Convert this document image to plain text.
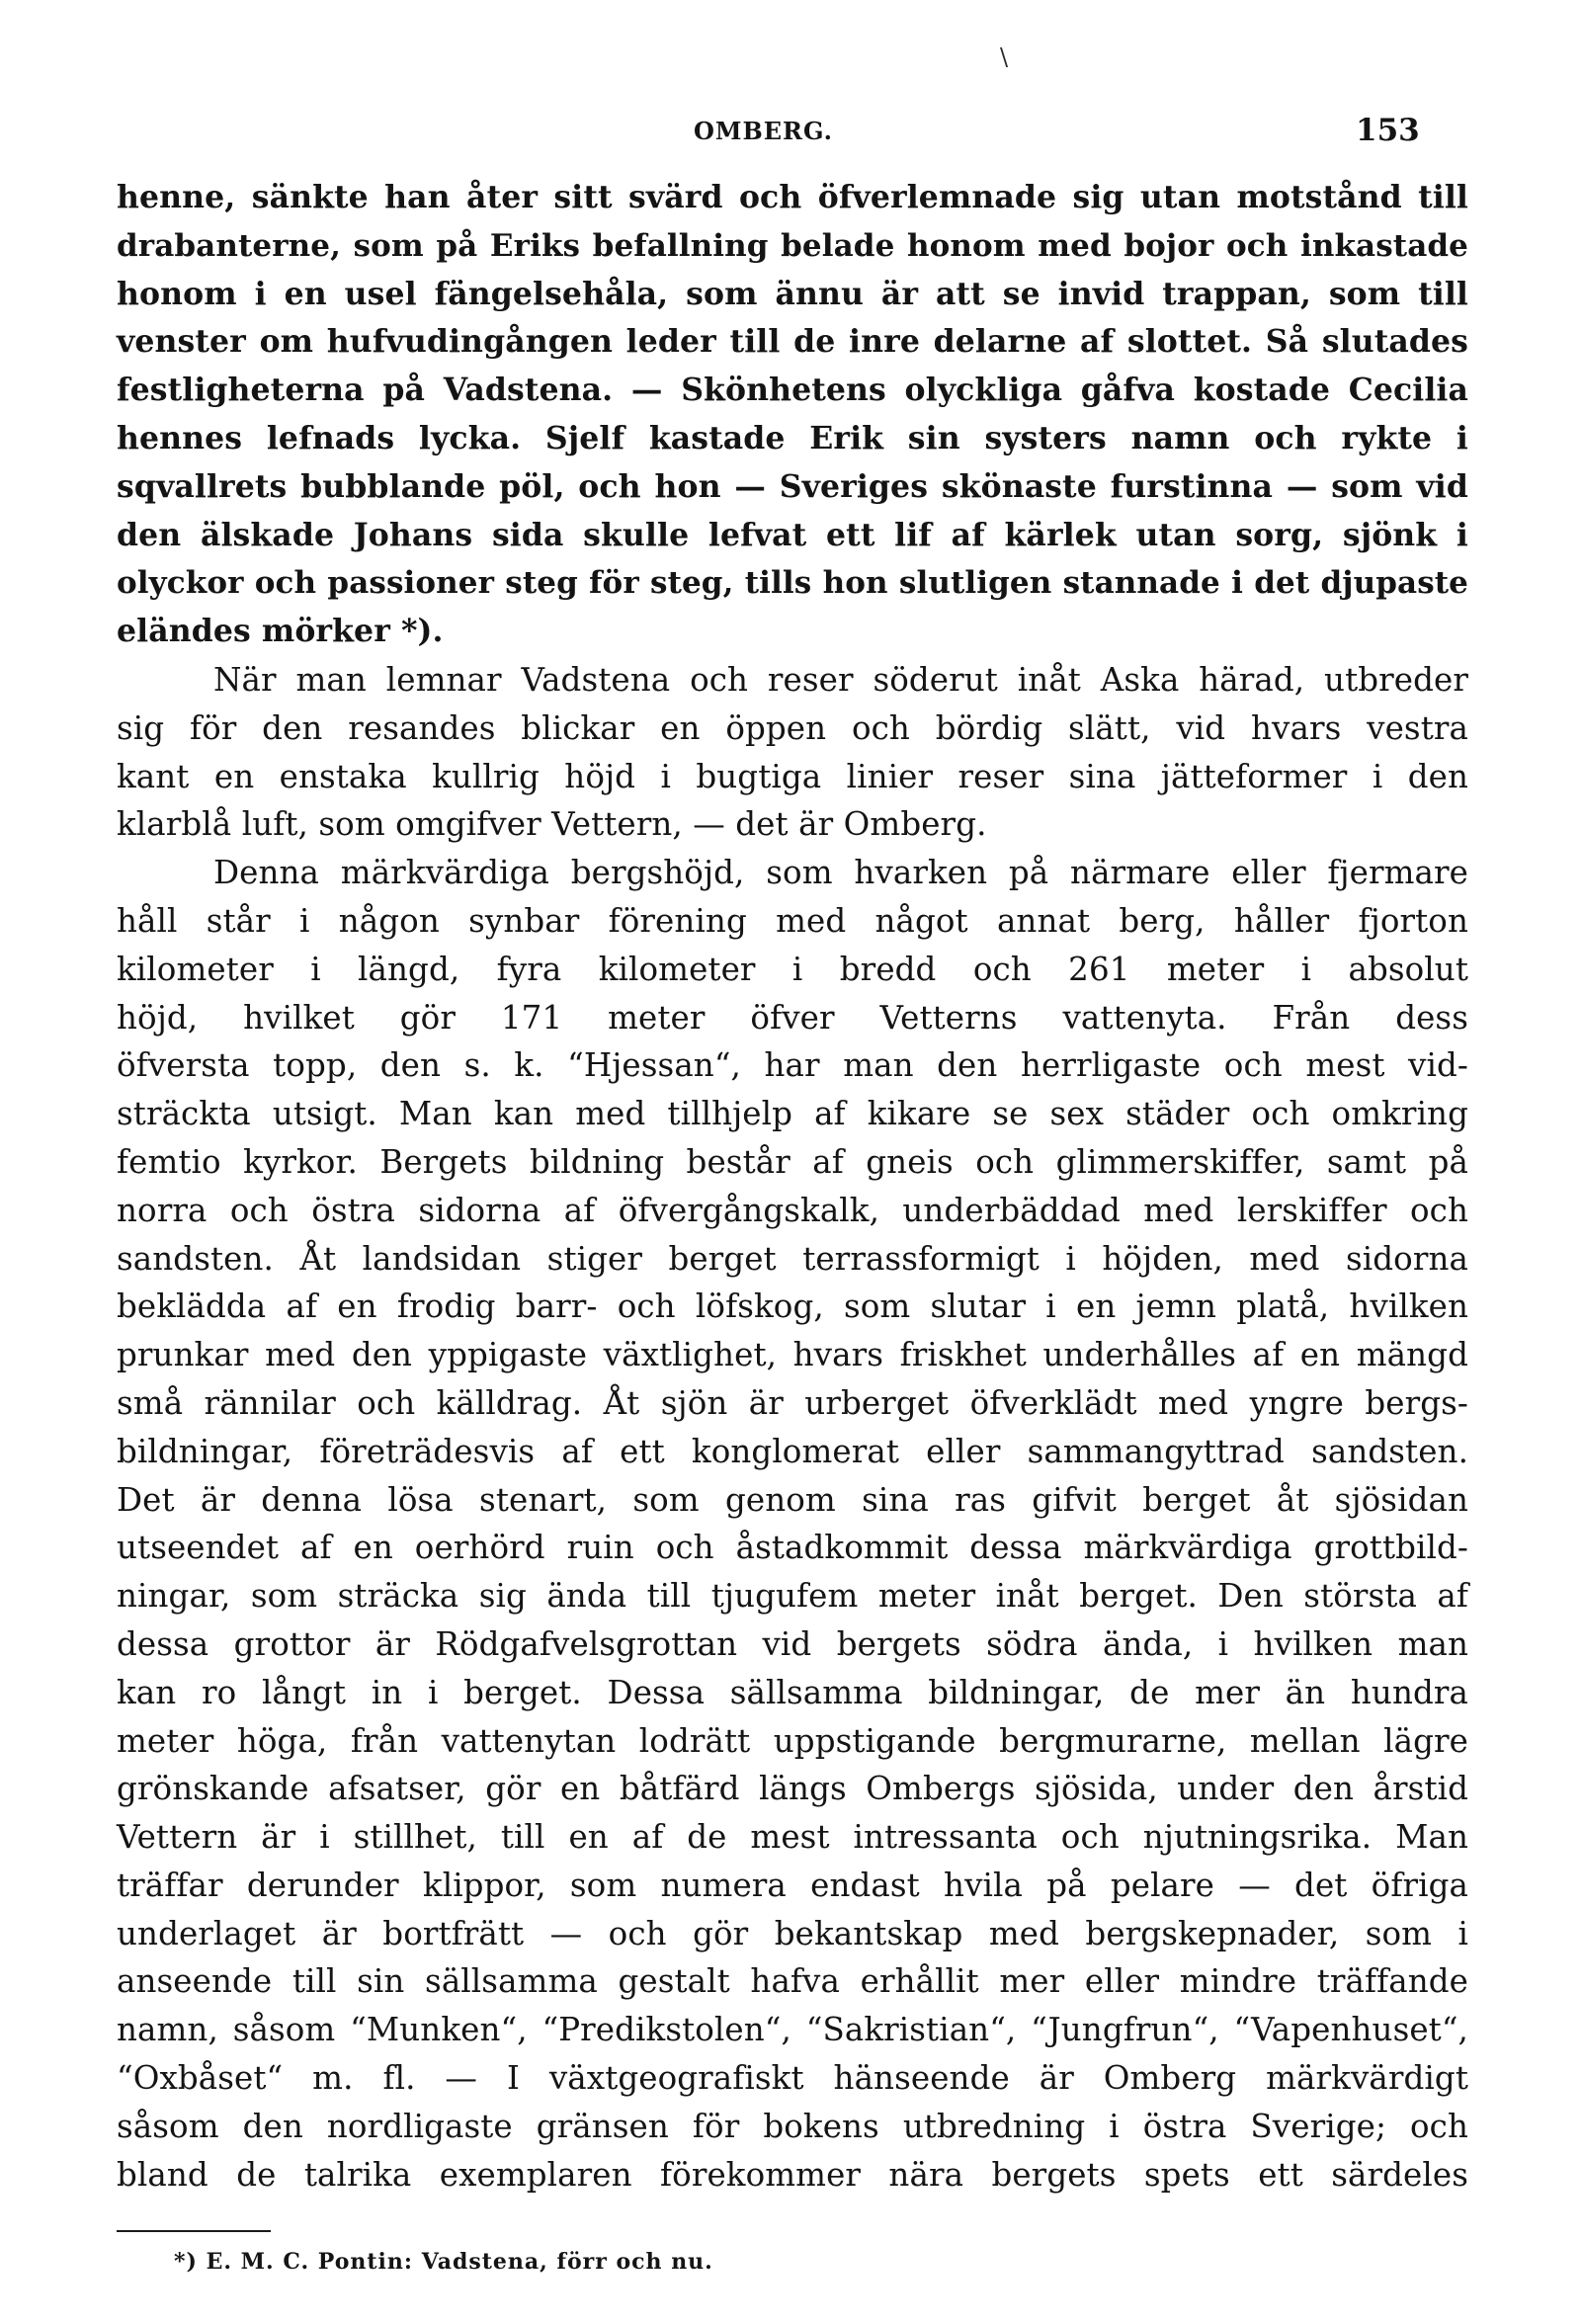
\
OMBERG.	153
henne, sänkte han åter sitt svärd och öfverlemnade sig utan motstånd till
drabanterne, som på Eriks befallning belade honom med bojor och inkastade
honom i en usel fängelsehåla, som ännu är att se invid trappan, som till
venster om hufvudingången leder till de inre delarne af slottet. Så slutades
festligheterna på Vadstena. — Skönhetens olyckliga gåfva kostade Cecilia
hennes lefnads lycka. Sjelf kastade Erik sin systers namn och rykte i
sqvallrets bubblande pöl, och hon — Sveriges skönaste furstinna — som vid
den älskade Johans sida skulle lefvat ett lif af kärlek utan sorg, sjönk i
olyckor och passioner steg för steg, tills hon slutligen stannade i det djupaste
eländes mörker *).
När man lemnar Vadstena och reser söderut inåt Aska härad, utbreder
sig för den resandes blickar en öppen och bördig slätt, vid hvars vestra
kant en enstaka kullrig höjd i bugtiga linier reser sina jätteformer i den
klarblå luft, som omgifver Vettern, — det är Omberg.
Denna märkvärdiga bergshöjd, som hvarken på närmare eller fjermare
håll står i någon synbar förening med något annat berg, håller fjorton
kilometer i längd, fyra kilometer i bredd och 261 meter i absolut
höjd, hvilket gör 171 meter öfver Vetterns vattenyta. Från dess
öfversta topp, den s. k. “Hjessan“, har man den herrligaste och mest vid-
sträckta utsigt. Man kan med tillhjelp af kikare se sex städer och omkring
femtio kyrkor. Bergets bildning består af gneis och glimmerskiffer, samt på
norra och östra sidorna af öfvergångskalk, underbäddad med lerskiffer och
sandsten. Åt landsidan stiger berget terrassformigt i höjden, med sidorna
beklädda af en frodig barr- och löfskog, som slutar i en jemn platå, hvilken
prunkar med den yppigaste växtlighet, hvars friskhet underhålles af en mängd
små rännilar och källdrag. Åt sjön är urberget öfverklädt med yngre bergs-
bildningar, företrädesvis af ett konglomerat eller sammangyttrad sandsten.
Det är denna lösa stenart, som genom sina ras gifvit berget åt sjösidan
utseendet af en oerhörd ruin och åstadkommit dessa märkvärdiga grottbild-
ningar, som sträcka sig ända till tjugufem meter inåt berget. Den största af
dessa grottor är Rödgafvelsgrottan vid bergets södra ända, i hvilken man
kan ro långt in i berget. Dessa sällsamma bildningar, de mer än hundra
meter höga, från vattenytan lodrätt uppstigande bergmurarne, mellan lägre
grönskande afsatser, gör en båtfärd längs Ombergs sjösida, under den årstid
Vettern är i stillhet, till en af de mest intressanta och njutningsrika. Man
träffar derunder klippor, som numera endast hvila på pelare — det öfriga
underlaget är bortfrätt — och gör bekantskap med bergskepnader, som i
anseende till sin sällsamma gestalt hafva erhållit mer eller mindre träffande
namn, såsom “Munken“, “Predikstolen“, “Sakristian“, “Jungfrun“, “Vapenhuset“,
“Oxbåset“ m. fl. — I växtgeografiskt hänseende är Omberg märkvärdigt
såsom den nordligaste gränsen för bokens utbredning i östra Sverige; och
bland de talrika exemplaren förekommer nära bergets spets ett särdeles
*) E. M. C. Pontin: Vadstena, förr och nu.
